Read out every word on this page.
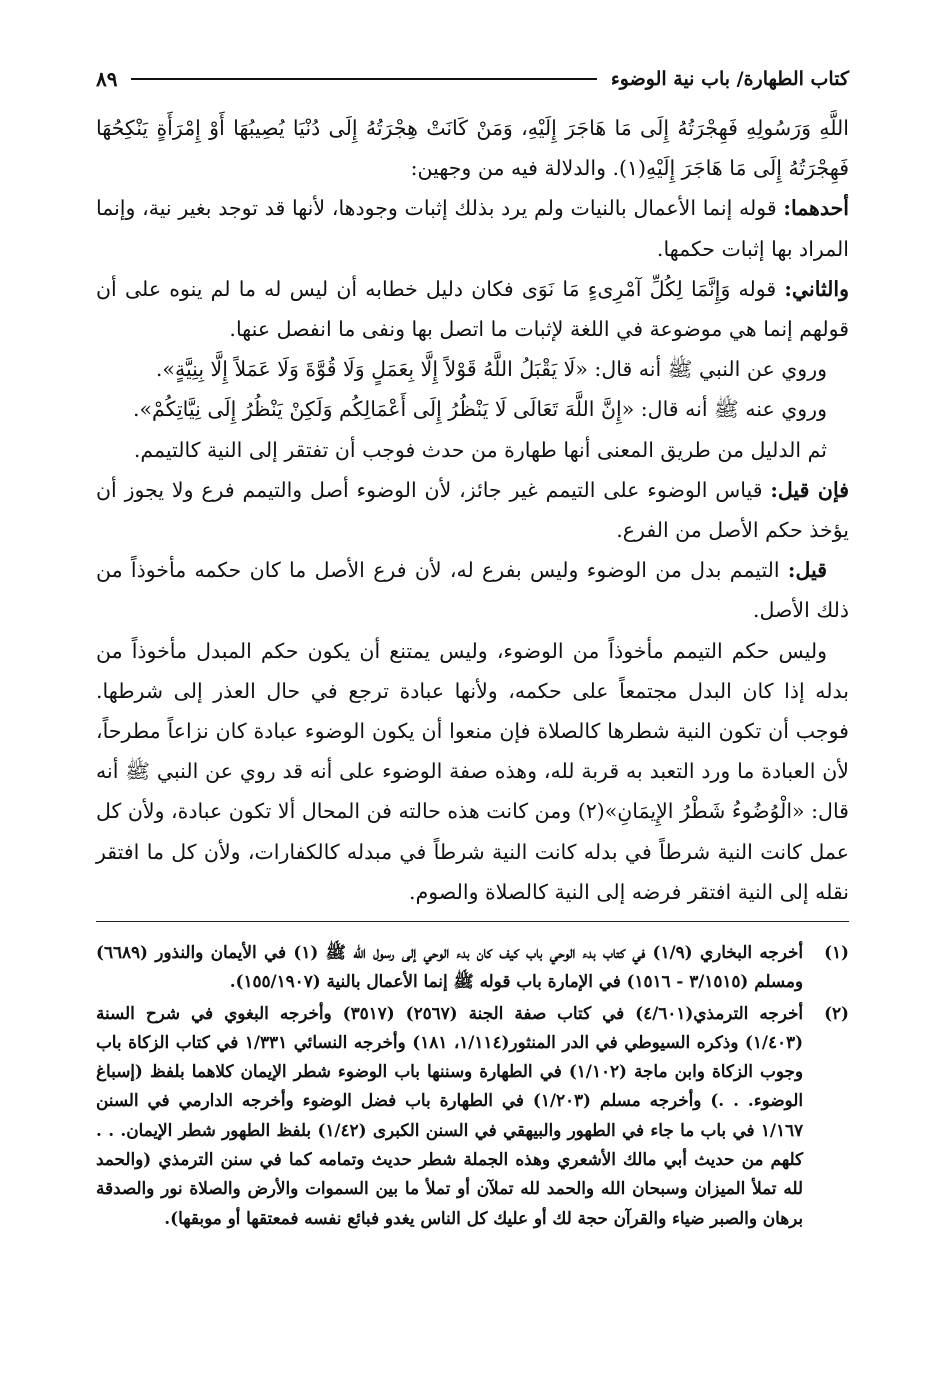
كتاب الطهارة/ باب نية الوضوء
٨٩

اللَّهِ وَرَسُولِهِ فَهِجْرَتُهُ إِلَى مَا هَاجَرَ إِلَيْهِ، وَمَنْ كَانَتْ هِجْرَتُهُ إِلَى دُنْيَا يُصِيبُهَا أَوْ إِمْرَأَةٍ يَنْكِحُهَا فَهِجْرَتُهُ إِلَى مَا هَاجَرَ إِلَيْهِ(١). والدلالة فيه من وجهين:

أحدهما: قوله إنما الأعمال بالنيات ولم يرد بذلك إثبات وجودها، لأنها قد توجد بغير نية، وإنما المراد بها إثبات حكمها.

والثاني: قوله وَإِنَّمَا لِكُلِّ آمْرِىءٍ مَا نَوَى فكان دليل خطابه أن ليس له ما لم ينوه على أن قولهم إنما هي موضوعة في اللغة لإثبات ما اتصل بها ونفى ما انفصل عنها.

وروي عن النبي ﷺ أنه قال: «لَا يَقْبَلُ اللَّهُ قَوْلاً إِلَّا بِعَمَلٍ وَلَا قُوَّةَ وَلَا عَمَلاً إِلَّا بِنِيَّةٍ».

وروي عنه ﷺ أنه قال: «إِنَّ اللَّهَ تَعَالَى لَا يَنْظُرُ إِلَى أَعْمَالِكُم وَلَكِنْ يَنْظُرُ إِلَى نِيَّاتِكُمْ».

ثم الدليل من طريق المعنى أنها طهارة من حدث فوجب أن تفتقر إلى النية كالتيمم.

فإن قيل: قياس الوضوء على التيمم غير جائز، لأن الوضوء أصل والتيمم فرع ولا يجوز أن يؤخذ حكم الأصل من الفرع.

قيل: التيمم بدل من الوضوء وليس بفرع له، لأن فرع الأصل ما كان حكمه مأخوذاً من ذلك الأصل.

وليس حكم التيمم مأخوذاً من الوضوء، وليس يمتنع أن يكون حكم المبدل مأخوذاً من بدله إذا كان البدل مجتمعاً على حكمه، ولأنها عبادة ترجع في حال العذر إلى شرطها. فوجب أن تكون النية شطرها كالصلاة فإن منعوا أن يكون الوضوء عبادة كان نزاعاً مطرحاً، لأن العبادة ما ورد التعبد به قربة لله، وهذه صفة الوضوء على أنه قد روي عن النبي ﷺ أنه قال: «الْوُضُوءُ شَطْرُ الإِيمَانِ»(٢) ومن كانت هذه حالته فن المحال ألا تكون عبادة، ولأن كل عمل كانت النية شرطاً في بدله كانت النية شرطاً في مبدله كالكفارات، ولأن كل ما افتقر نقله إلى النية افتقر فرضه إلى النية كالصلاة والصوم.

(١)
أخرجه البخاري (١/٩) في كتاب بدء الوحي باب كيف كان بدء الوحي إلى رسول الله ﷺ (١) في الأيمان والنذور (٦٦٨٩) ومسلم (٣/١٥١٥ - ١٥١٦) في الإمارة باب قوله ﷺ إنما الأعمال بالنية (١٥٥/١٩٠٧).
(٢)
أخرجه الترمذي(٤/٦٠١) في كتاب صفة الجنة (٢٥٦٧) (٣٥١٧) وأخرجه البغوي في شرح السنة (١/٤٠٣) وذكره السيوطي في الدر المنثور(١/١١٤، ١٨١) وأخرجه النسائي ١/٣٣١ في كتاب الزكاة باب وجوب الزكاة وابن ماجة (١/١٠٢) في الطهارة وسننها باب الوضوء شطر الإيمان كلاهما بلفظ (إسباغ الوضوء. . .) وأخرجه مسلم (١/٢٠٣) في الطهارة باب فضل الوضوء وأخرجه الدارمي في السنن ١/١٦٧ في باب ما جاء في الطهور والبيهقي في السنن الكبرى (١/٤٢) بلفظ الطهور شطر الإيمان. . . كلهم من حديث أبي مالك الأشعري وهذه الجملة شطر حديث وتمامه كما في سنن الترمذي (والحمد لله تملأ الميزان وسبحان الله والحمد لله تملآن أو تملأ ما بين السموات والأرض والصلاة نور والصدقة برهان والصبر ضياء والقرآن حجة لك أو عليك كل الناس يغدو فبائع نفسه فمعتقها أو موبقها).
